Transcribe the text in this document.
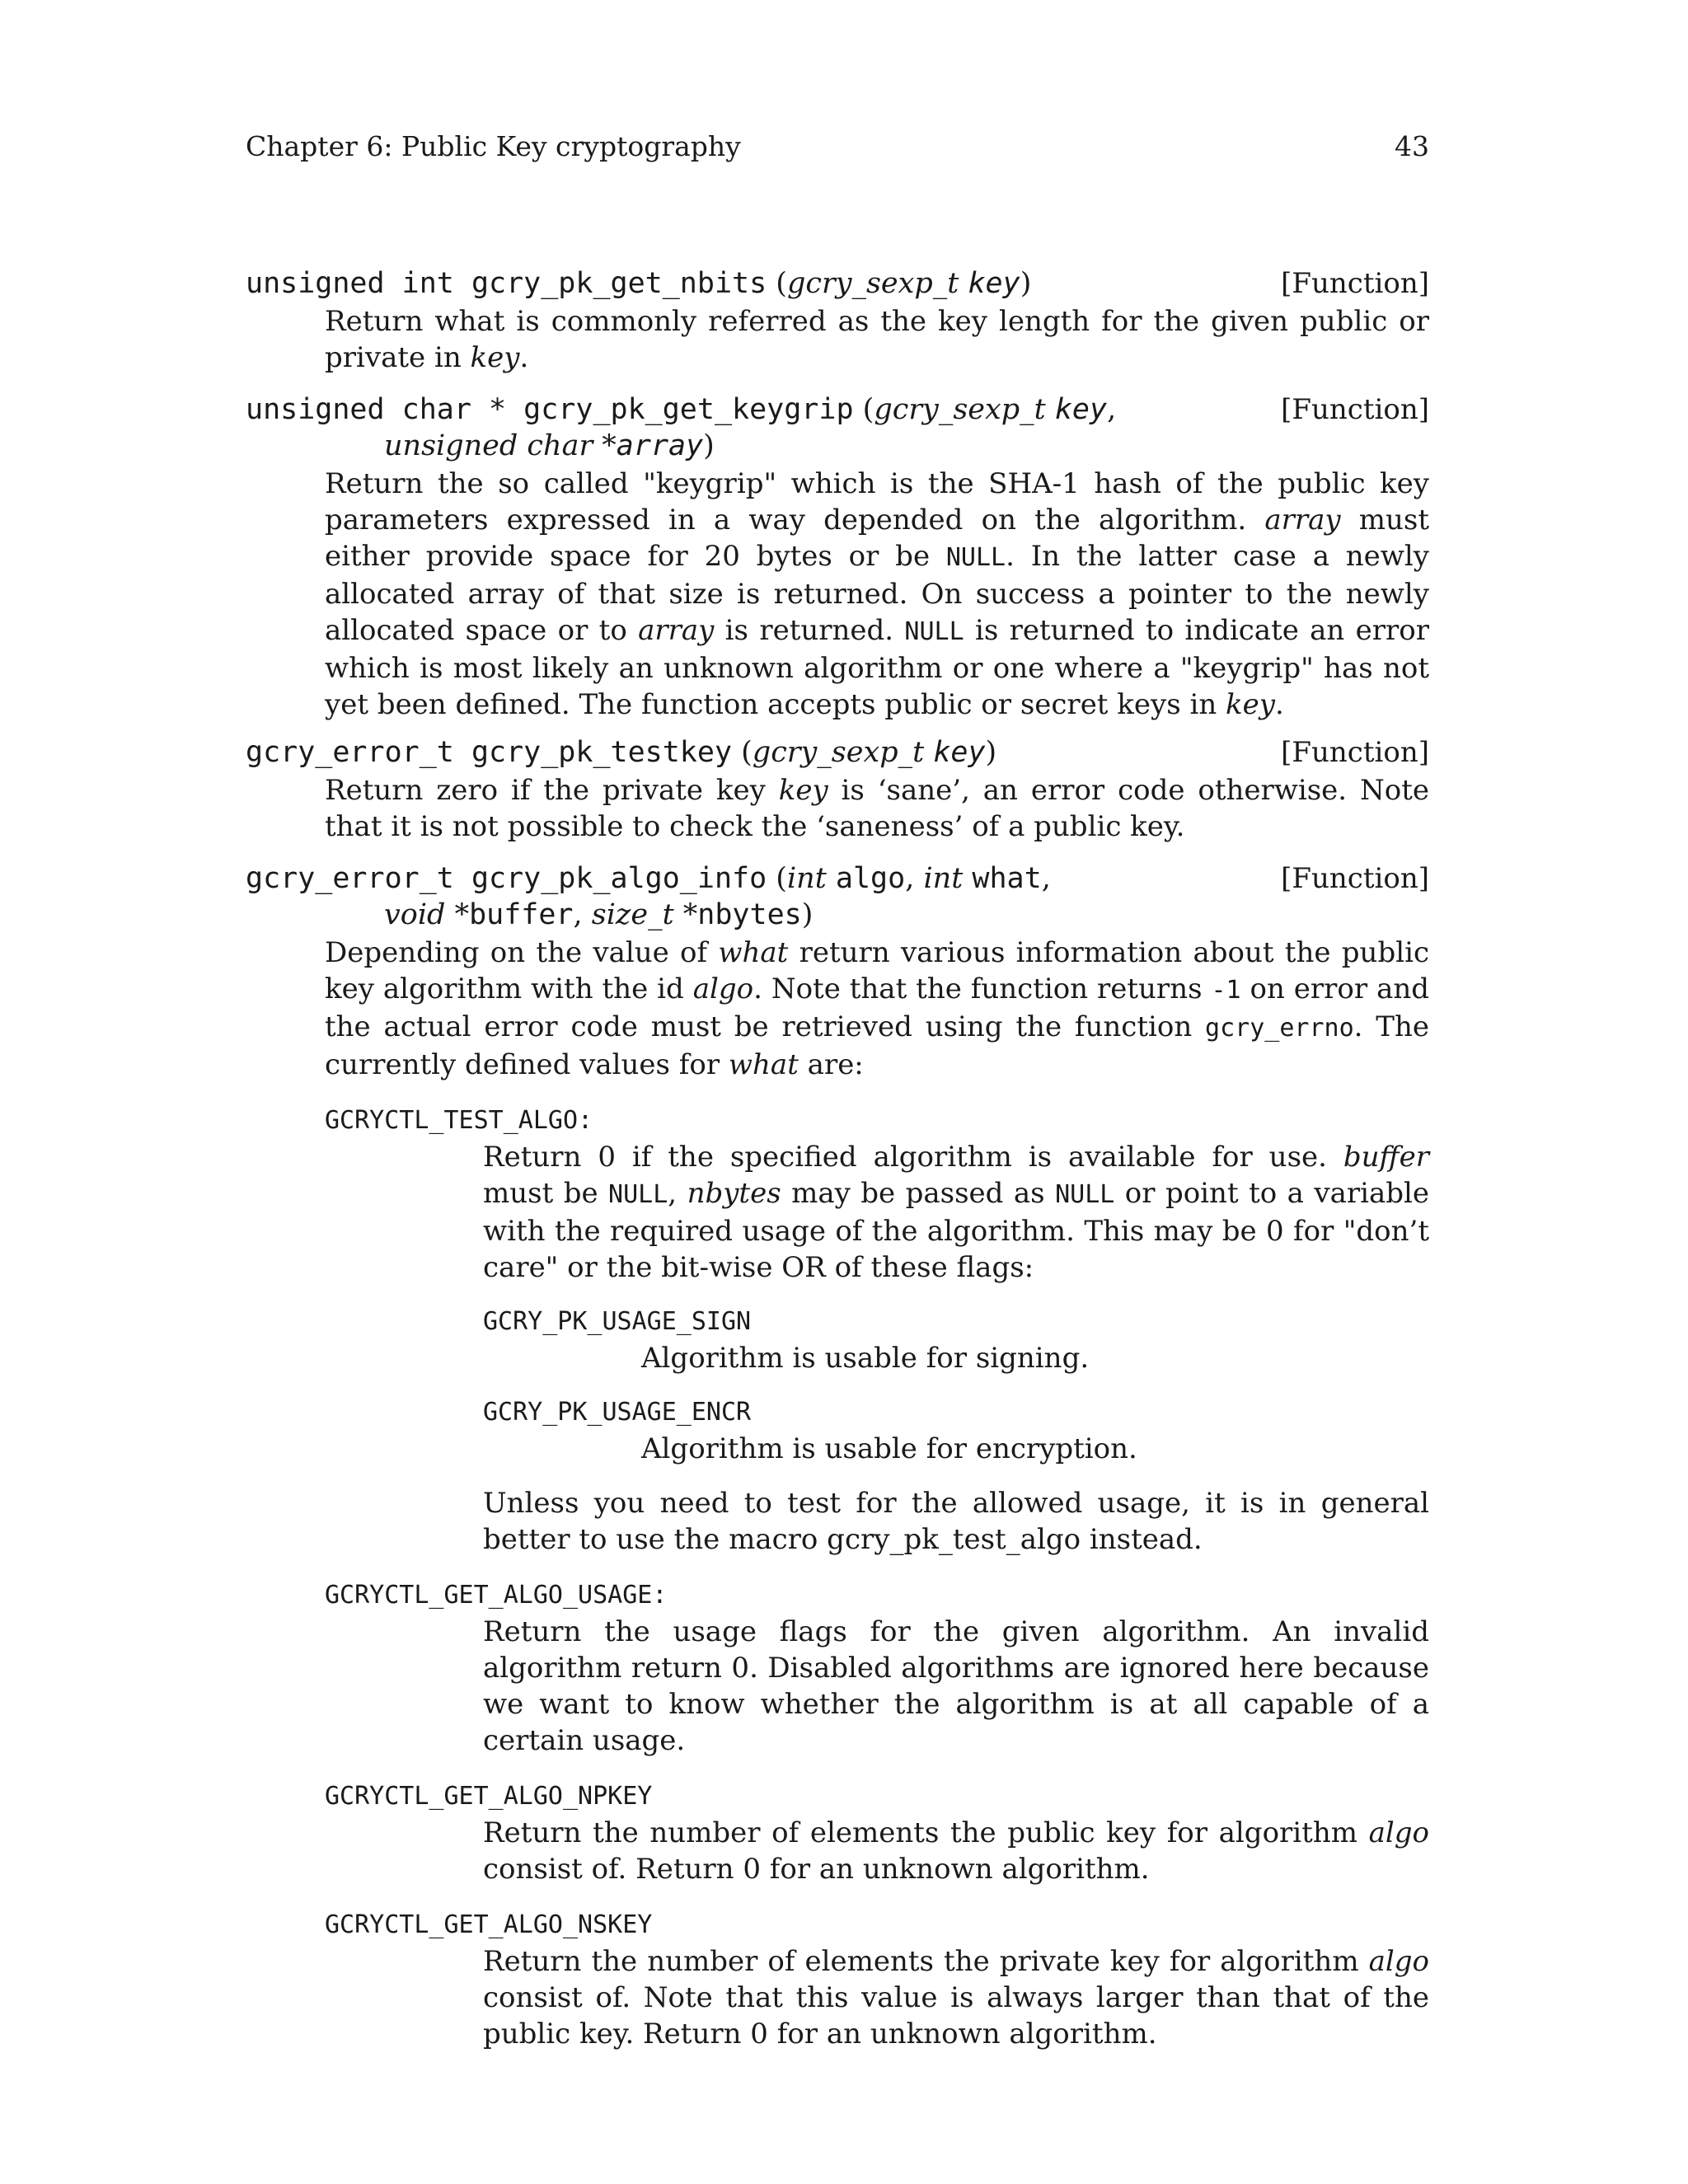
Chapter 6: Public Key cryptography	43
unsigned int gcry_pk_get_nbits (gcry_sexp_t key)	[Function]

Return what is commonly referred as the key length for the given public or private in key.

unsigned char * gcry_pk_get_keygrip (gcry_sexp_t key,	[Function]
unsigned char *array)

Return the so called "keygrip" which is the SHA-1 hash of the public key parameters expressed in a way depended on the algorithm. array must either provide space for 20 bytes or be NULL. In the latter case a newly allocated array of that size is returned. On success a pointer to the newly allocated space or to array is returned. NULL is returned to indicate an error which is most likely an unknown algorithm or one where a "keygrip" has not yet been defined. The function accepts public or secret keys in key.

gcry_error_t gcry_pk_testkey (gcry_sexp_t key)	[Function]

Return zero if the private key key is ‘sane’, an error code otherwise. Note that it is not possible to check the ‘saneness’ of a public key.

gcry_error_t gcry_pk_algo_info (int algo, int what,	[Function]
void *buffer, size_t *nbytes)

Depending on the value of what return various information about the public key algorithm with the id algo. Note that the function returns -1 on error and the actual error code must be retrieved using the function gcry_errno. The currently defined values for what are:

GCRYCTL_TEST_ALGO:
Return 0 if the specified algorithm is available for use. buffer must be NULL, nbytes may be passed as NULL or point to a variable with the required usage of the algorithm. This may be 0 for "don’t care" or the bit-wise OR of these flags:
GCRY_PK_USAGE_SIGN
Algorithm is usable for signing.
GCRY_PK_USAGE_ENCR
Algorithm is usable for encryption.
Unless you need to test for the allowed usage, it is in general better to use the macro gcry_pk_test_algo instead.
GCRYCTL_GET_ALGO_USAGE:
Return the usage flags for the given algorithm. An invalid algorithm return 0. Disabled algorithms are ignored here because we want to know whether the algorithm is at all capable of a certain usage.
GCRYCTL_GET_ALGO_NPKEY
Return the number of elements the public key for algorithm algo consist of. Return 0 for an unknown algorithm.
GCRYCTL_GET_ALGO_NSKEY
Return the number of elements the private key for algorithm algo consist of. Note that this value is always larger than that of the public key. Return 0 for an unknown algorithm.
